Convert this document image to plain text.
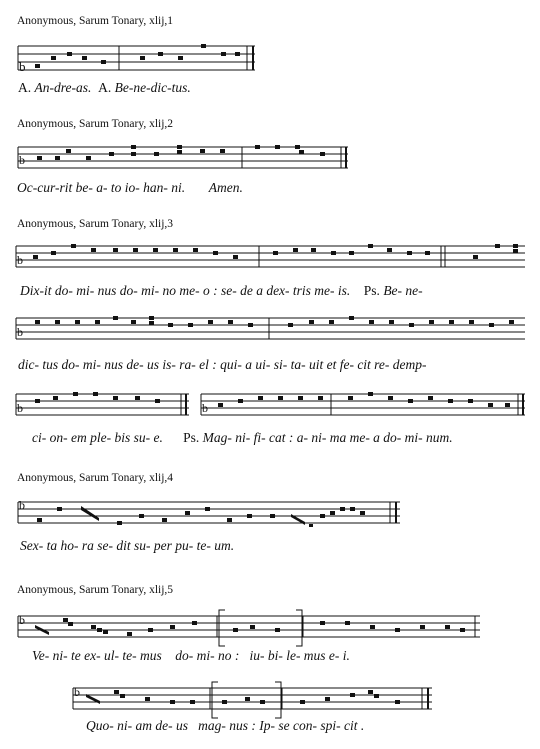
Anonymous, Sarum Tonary, xlij,1
b
A. An-dre-as. A. Be-ne-dic-tus.
Anonymous, Sarum Tonary, xlij,2
b
Oc-cur-rit be- a- to io- han- ni. Amen.
Anonymous, Sarum Tonary, xlij,3
b
Dix-it do- mi- nus do- mi- no me- o : se- de a dex- tris me- is. Ps. Be- ne-
b
dic- tus do- mi- nus de- us is- ra- el : qui- a ui- si- ta- uit et fe- cit re- demp-
b	b
ci- on- em ple- bis su- e. Ps. Mag- ni- fi- cat : a- ni- ma me- a do- mi- num.
Anonymous, Sarum Tonary, xlij,4
b
Sex- ta ho- ra se- dit su- per pu- te- um.
Anonymous, Sarum Tonary, xlij,5
b
Ve- ni- te ex- ul- te- mus do- mi- no : iu- bi- le- mus e- i.
b
Quo- ni- am de- us mag- nus : Ip- se con- spi- cit .
